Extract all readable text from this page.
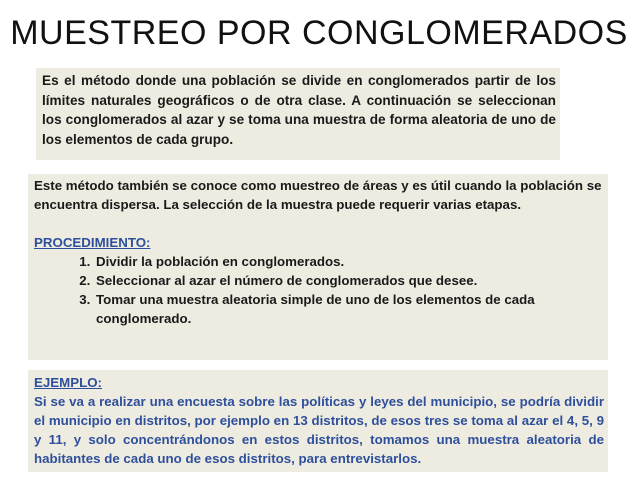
MUESTREO POR CONGLOMERADOS

Es el método donde una población se divide en conglomerados partir de los límites naturales geográficos o de otra clase. A continuación se seleccionan los conglomerados al azar y se toma una muestra de forma aleatoria de uno de los elementos de cada grupo.

Este método también se conoce como muestreo de áreas y es útil cuando la población se encuentra dispersa. La selección de la muestra puede requerir varias etapas.

PROCEDIMIENTO:
1. Dividir la población en conglomerados.
2. Seleccionar al azar el número de conglomerados que desee.
3. Tomar una muestra aleatoria simple de uno de los elementos de cada conglomerado.
EJEMPLO:

Si se va a realizar una encuesta sobre las políticas y leyes del municipio, se podría dividir el municipio en distritos, por ejemplo en 13 distritos, de esos tres se toma al azar el 4, 5, 9 y 11, y solo concentrándonos en estos distritos, tomamos una muestra aleatoria de habitantes de cada uno de esos distritos, para entrevistarlos.
